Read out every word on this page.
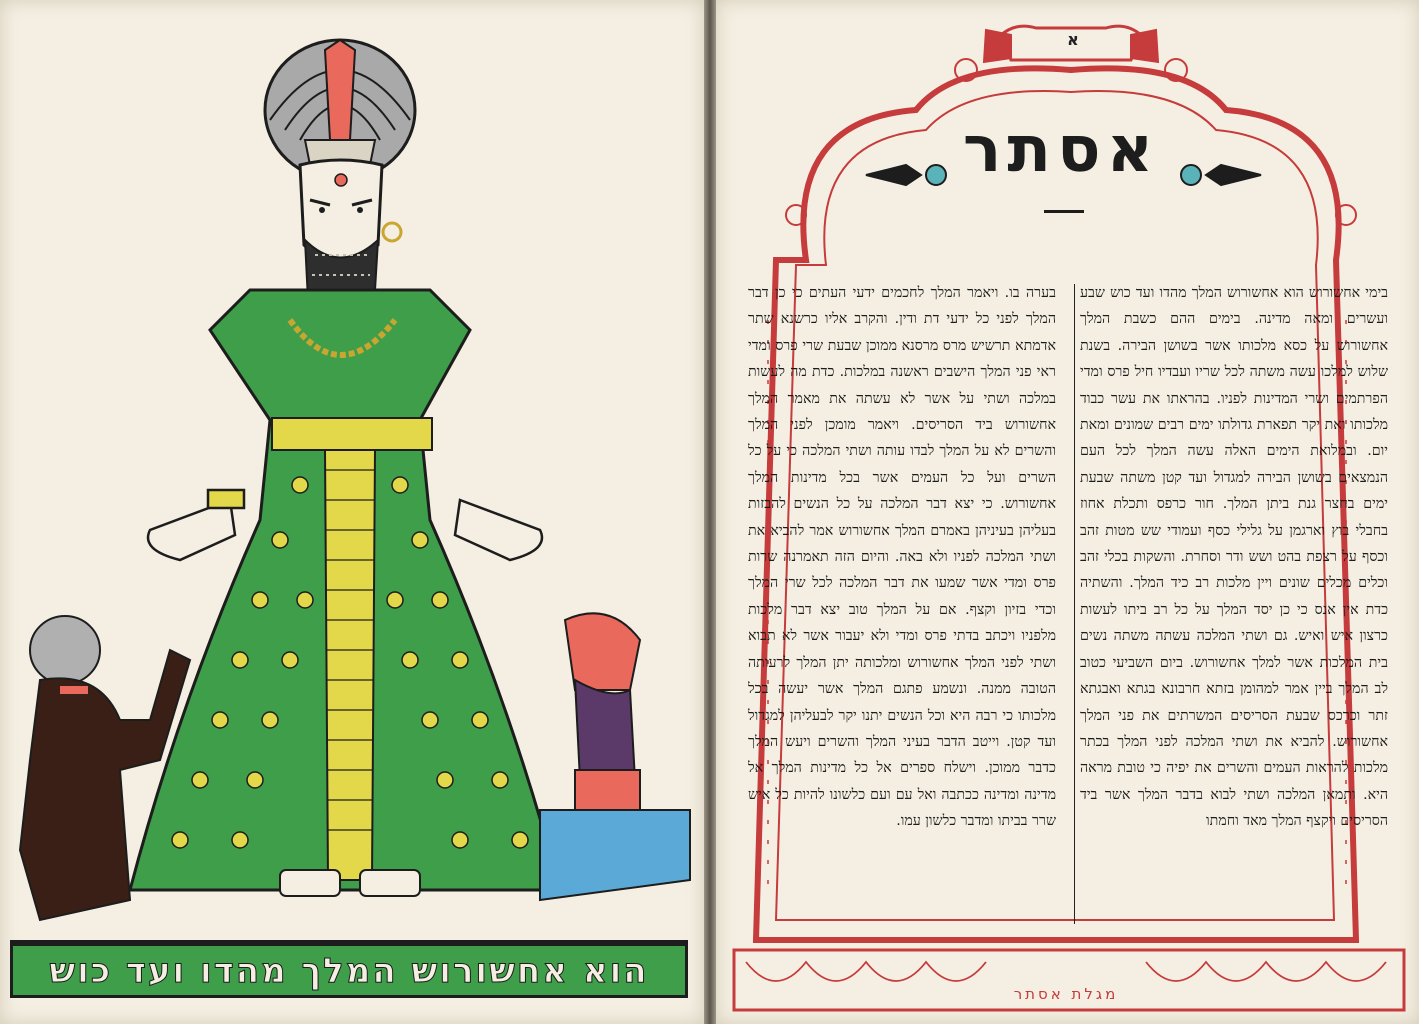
הוא אחשורוש המלך מהדו ועד כוש
א
אסתר
בימי אחשורוש הוא אחשורוש המלך מהדו ועד כוש שבע ועשרים ומאה מדינה. בימים ההם כשבת המלך אחשורוש על כסא מלכותו אשר בשושן הבירה. בשנת שלוש למלכו עשה משתה לכל שריו ועבדיו חיל פרס ומדי הפרתמים ושרי המדינות לפניו. בהראתו את עשר כבוד מלכותו ואת יקר תפארת גדולתו ימים רבים שמונים ומאת יום. ובמלואת הימים האלה עשה המלך לכל העם הנמצאים בשושן הבירה למגדול ועד קטן משתה שבעת ימים בחצר גנת ביתן המלך. חור כרפס ותכלת אחוז בחבלי בוץ וארגמן על גלילי כסף ועמודי שש מטות זהב וכסף על רצפת בהט ושש ודר וסחרת. והשקות בכלי זהב וכלים מכלים שונים ויין מלכות רב כיד המלך. והשתיה כדת אין אנס כי כן יסד המלך על כל רב ביתו לעשות כרצון איש ואיש. גם ושתי המלכה עשתה משתה נשים בית המלכות אשר למלך אחשורוש. ביום השביעי כטוב לב המלך ביין אמר למהומן בזתא חרבונא בגתא ואבגתא זתר וכרכס שבעת הסריסים המשרתים את פני המלך אחשורוש. להביא את ושתי המלכה לפני המלך בכתר מלכות להראות העמים והשרים את יפיה כי טובת מראה היא. ותמאן המלכה ושתי לבוא בדבר המלך אשר ביד הסריסים ויקצף המלך מאד וחמתו
בערה בו. ויאמר המלך לחכמים ידעי העתים כי כן דבר המלך לפני כל ידעי דת ודין. והקרב אליו כרשנא שתר אדמתא תרשיש מרס מרסנא ממוכן שבעת שרי פרס ומדי ראי פני המלך הישבים ראשנה במלכות. כדת מה לעשות במלכה ושתי על אשר לא עשתה את מאמר המלך אחשורוש ביד הסריסים. ויאמר מומכן לפני המלך והשרים לא על המלך לבדו עותה ושתי המלכה כי על כל השרים ועל כל העמים אשר בכל מדינות המלך אחשורוש. כי יצא דבר המלכה על כל הנשים להבזות בעליהן בעיניהן באמרם המלך אחשורוש אמר להביא את ושתי המלכה לפניו ולא באה. והיום הזה תאמרנה שרות פרס ומדי אשר שמעו את דבר המלכה לכל שרי המלך וכדי בזיון וקצף. אם על המלך טוב יצא דבר מלכות מלפניו ויכתב בדתי פרס ומדי ולא יעבור אשר לא תבוא ושתי לפני המלך אחשורוש ומלכותה יתן המלך לרעותה הטובה ממנה. ונשמע פתגם המלך אשר יעשה בכל מלכותו כי רבה היא וכל הנשים יתנו יקר לבעליהן למגדול ועד קטן. וייטב הדבר בעיני המלך והשרים ויעש המלך כדבר ממוכן. וישלח ספרים אל כל מדינות המלך אל מדינה ומדינה ככתבה ואל עם ועם כלשונו להיות כל איש שרר בביתו ומדבר כלשון עמו.
מגלת אסתר
